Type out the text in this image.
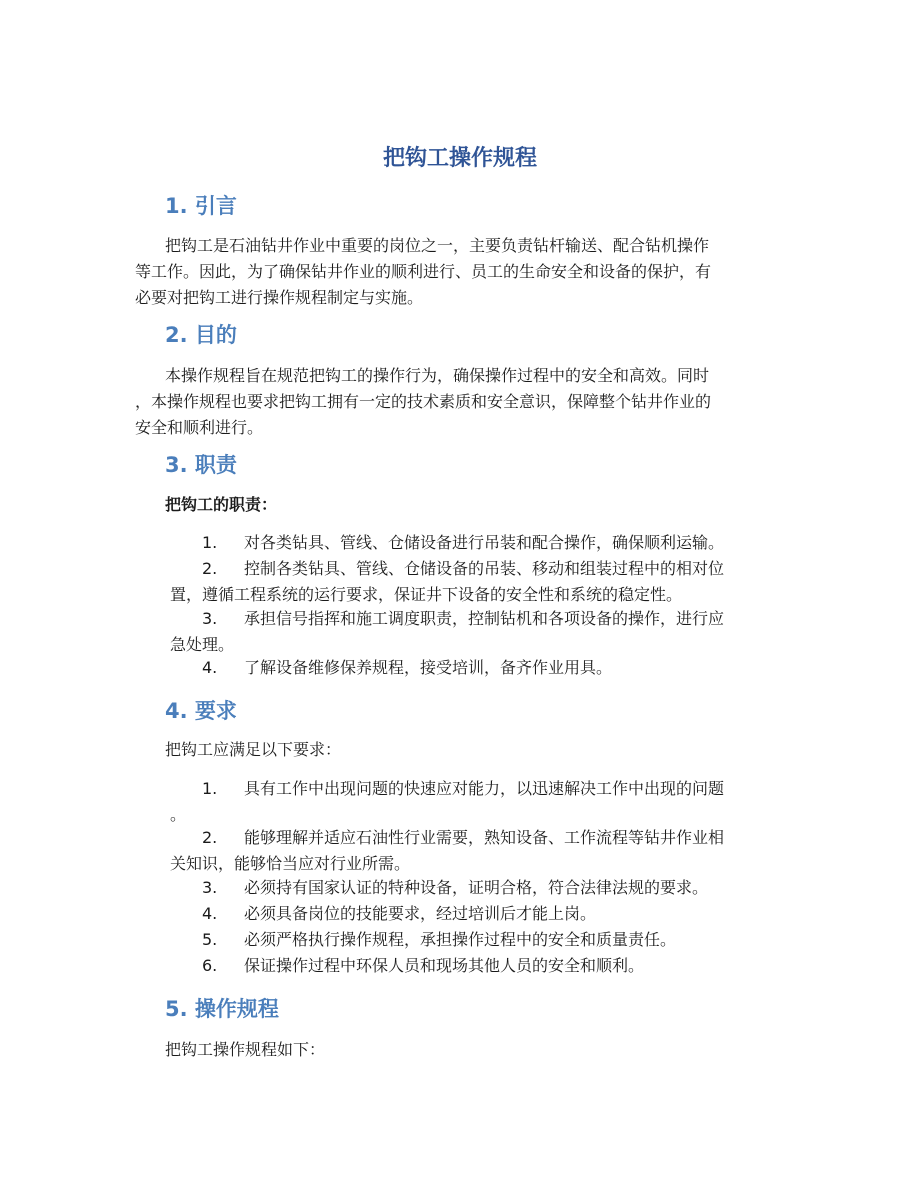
把钩工操作规程
1. 引言
把钩工是石油钻井作业中重要的岗位之一，主要负责钻杆输送、配合钻机操作
等工作。因此，为了确保钻井作业的顺利进行、员工的生命安全和设备的保护，有
必要对把钩工进行操作规程制定与实施。
2. 目的
本操作规程旨在规范把钩工的操作行为，确保操作过程中的安全和高效。同时
，本操作规程也要求把钩工拥有一定的技术素质和安全意识，保障整个钻井作业的
安全和顺利进行。
3. 职责
把钩工的职责：
1. 对各类钻具、管线、仓储设备进行吊装和配合操作，确保顺利运输。
2. 控制各类钻具、管线、仓储设备的吊装、移动和组装过程中的相对位
置，遵循工程系统的运行要求，保证井下设备的安全性和系统的稳定性。
3. 承担信号指挥和施工调度职责，控制钻机和各项设备的操作，进行应
急处理。
4. 了解设备维修保养规程，接受培训，备齐作业用具。
4. 要求
把钩工应满足以下要求：
1. 具有工作中出现问题的快速应对能力，以迅速解决工作中出现的问题
。
2. 能够理解并适应石油性行业需要，熟知设备、工作流程等钻井作业相
关知识，能够恰当应对行业所需。
3. 必须持有国家认证的特种设备，证明合格，符合法律法规的要求。
4. 必须具备岗位的技能要求，经过培训后才能上岗。
5. 必须严格执行操作规程，承担操作过程中的安全和质量责任。
6. 保证操作过程中环保人员和现场其他人员的安全和顺利。
5. 操作规程
把钩工操作规程如下：
